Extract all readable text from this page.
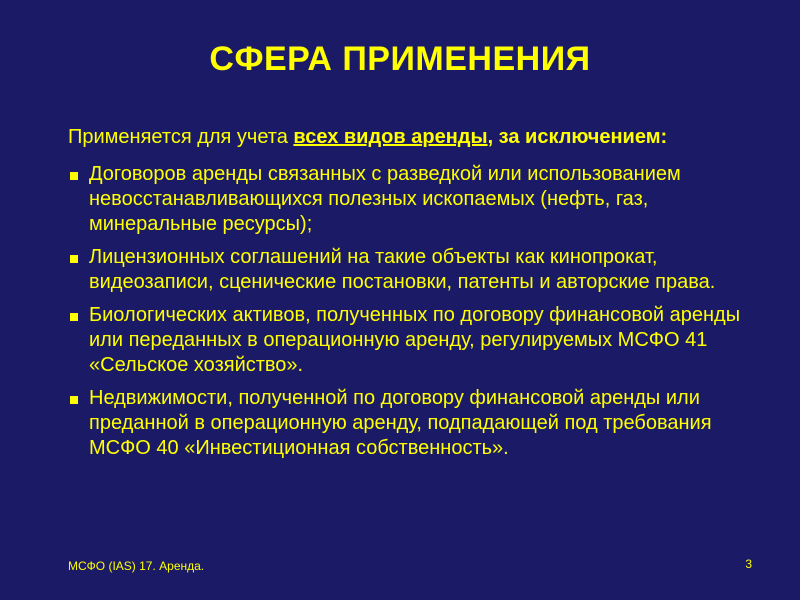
СФЕРА ПРИМЕНЕНИЯ
Применяется для учета всех видов аренды, за исключением:
Договоров аренды связанных с разведкой или использованием невосстанавливающихся полезных ископаемых (нефть, газ, минеральные ресурсы);
Лицензионных соглашений на такие объекты как кинопрокат, видеозаписи, сценические постановки, патенты и авторские права.
Биологических активов, полученных по договору финансовой аренды или переданных в операционную аренду, регулируемых МСФО 41 «Сельское хозяйство».
Недвижимости, полученной по договору финансовой аренды или преданной в операционную аренду, подпадающей под требования МСФО 40 «Инвестиционная собственность».
МСФО (IAS) 17. Аренда.	3
